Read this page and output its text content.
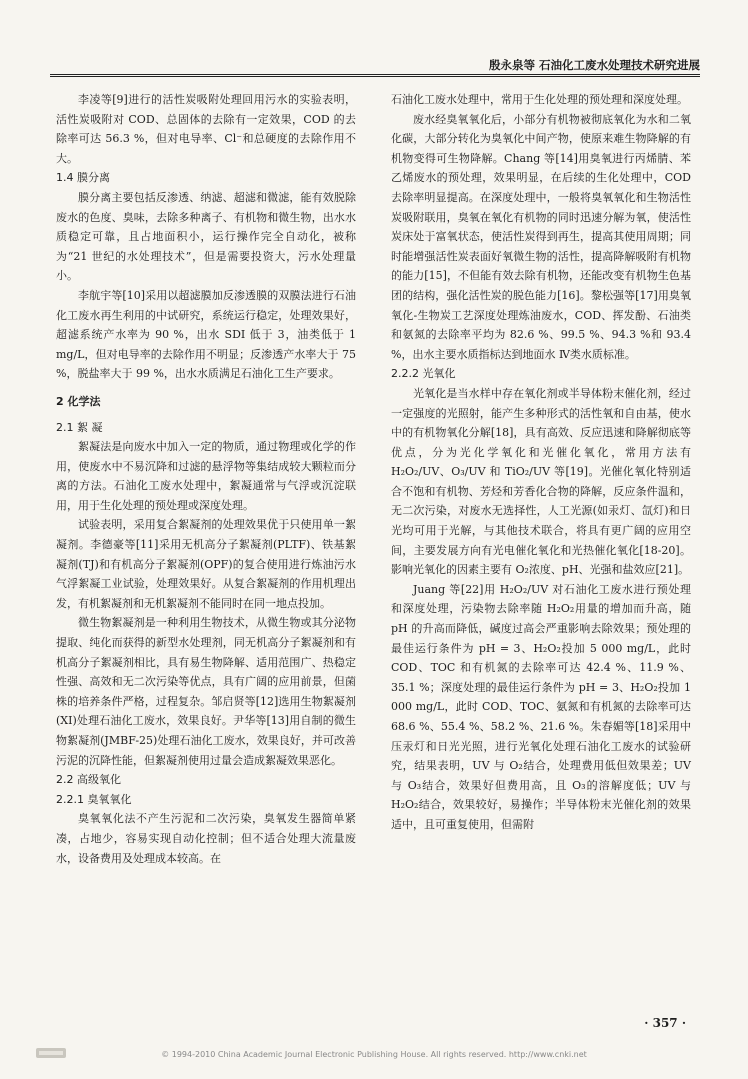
殷永泉等 石油化工废水处理技术研究进展

李凌等[9]进行的活性炭吸附处理回用污水的实验表明，活性炭吸附对 COD、总固体的去除有一定效果，COD 的去除率可达 56.3 %，但对电导率、Cl⁻和总硬度的去除作用不大。

1.4 膜分离

膜分离主要包括反渗透、纳滤、超滤和微滤，能有效脱除废水的色度、臭味，去除多种离子、有机物和微生物，出水水质稳定可靠，且占地面积小，运行操作完全自动化，被称为“21 世纪的水处理技术”，但是需要投资大，污水处理量小。

李航宇等[10]采用以超滤膜加反渗透膜的双膜法进行石油化工废水再生利用的中试研究，系统运行稳定，处理效果好，超滤系统产水率为 90 %，出水 SDI 低于 3，油类低于 1 mg/L，但对电导率的去除作用不明显；反渗透产水率大于 75 %，脱盐率大于 99 %，出水水质满足石油化工生产要求。

2 化学法

2.1 絮 凝

絮凝法是向废水中加入一定的物质，通过物理或化学的作用，使废水中不易沉降和过滤的悬浮物等集结成较大颗粒而分离的方法。石油化工废水处理中，絮凝通常与气浮或沉淀联用，用于生化处理的预处理或深度处理。

试验表明，采用复合絮凝剂的处理效果优于只使用单一絮凝剂。李德豪等[11]采用无机高分子絮凝剂(PLTF)、铁基絮凝剂(TJ)和有机高分子絮凝剂(OPF)的复合使用进行炼油污水气浮絮凝工业试验，处理效果好。从复合絮凝剂的作用机理出发，有机絮凝剂和无机絮凝剂不能同时在同一地点投加。

微生物絮凝剂是一种利用生物技术，从微生物或其分泌物提取、纯化而获得的新型水处理剂，同无机高分子絮凝剂和有机高分子絮凝剂相比，具有易生物降解、适用范围广、热稳定性强、高效和无二次污染等优点，具有广阔的应用前景，但菌株的培养条件严格，过程复杂。邹启贤等[12]选用生物絮凝剂(XI)处理石油化工废水，效果良好。尹华等[13]用自制的微生物絮凝剂(JMBF-25)处理石油化工废水，效果良好，并可改善污泥的沉降性能，但絮凝剂使用过量会造成絮凝效果恶化。

2.2 高级氧化

2.2.1 臭氧氧化

臭氧氧化法不产生污泥和二次污染，臭氧发生器简单紧凑，占地少，容易实现自动化控制；但不适合处理大流量废水，设备费用及处理成本较高。在

石油化工废水处理中，常用于生化处理的预处理和深度处理。

废水经臭氧氧化后，小部分有机物被彻底氧化为水和二氧化碳，大部分转化为臭氧化中间产物，使原来难生物降解的有机物变得可生物降解。Chang 等[14]用臭氧进行丙烯腈、苯乙烯废水的预处理，效果明显，在后续的生化处理中，COD 去除率明显提高。在深度处理中，一般将臭氧氧化和生物活性炭吸附联用，臭氧在氧化有机物的同时迅速分解为氧，使活性炭床处于富氧状态，使活性炭得到再生，提高其使用周期；同时能增强活性炭表面好氧微生物的活性，提高降解吸附有机物的能力[15]，不但能有效去除有机物，还能改变有机物生色基团的结构，强化活性炭的脱色能力[16]。黎松强等[17]用臭氧氧化-生物炭工艺深度处理炼油废水，COD、挥发酚、石油类和氨氮的去除率平均为 82.6 %、99.5 %、94.3 %和 93.4 %，出水主要水质指标达到地面水 Ⅳ类水质标准。

2.2.2 光氧化

光氧化是当水样中存在氧化剂或半导体粉末催化剂，经过一定强度的光照射，能产生多种形式的活性氧和自由基，使水中的有机物氧化分解[18]，具有高效、反应迅速和降解彻底等优点，分为光化学氧化和光催化氧化，常用方法有 H₂O₂/UV、O₃/UV 和 TiO₂/UV 等[19]。光催化氧化特别适合不饱和有机物、芳烃和芳香化合物的降解，反应条件温和，无二次污染，对废水无选择性，人工光源(如汞灯、氙灯)和日光均可用于光解，与其他技术联合，将具有更广阔的应用空间，主要发展方向有光电催化氧化和光热催化氧化[18-20]。影响光氧化的因素主要有 O₂浓度、pH、光强和盐效应[21]。

Juang 等[22]用 H₂O₂/UV 对石油化工废水进行预处理和深度处理，污染物去除率随 H₂O₂用量的增加而升高，随 pH 的升高而降低，碱度过高会严重影响去除效果；预处理的最佳运行条件为 pH = 3、H₂O₂投加 5 000 mg/L，此时 COD、TOC 和有机氮的去除率可达 42.4 %、11.9 %、35.1 %；深度处理的最佳运行条件为 pH = 3、H₂O₂投加 1 000 mg/L，此时 COD、TOC、氨氮和有机氮的去除率可达 68.6 %、55.4 %、58.2 %、21.6 %。朱春媚等[18]采用中压汞灯和日光光照，进行光氧化处理石油化工废水的试验研究，结果表明，UV 与 O₂结合，处理费用低但效果差；UV 与 O₃结合，效果好但费用高，且 O₃的溶解度低；UV 与 H₂O₂结合，效果较好，易操作；半导体粉末光催化剂的效果适中，且可重复使用，但需附

· 357 ·
© 1994-2010 China Academic Journal Electronic Publishing House. All rights reserved. http://www.cnki.net
